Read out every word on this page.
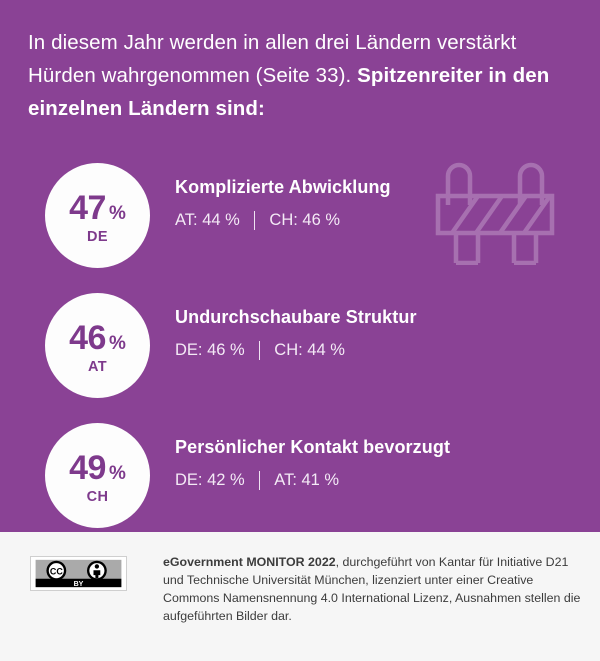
In diesem Jahr werden in allen drei Ländern verstärkt Hürden wahrgenommen (Seite 33). Spitzenreiter in den einzelnen Ländern sind:
47 %
DE
Komplizierte Abwicklung
AT: 44 % CH: 46 %
46 %
AT
Undurchschaubare Struktur
DE: 46 % CH: 44 %
49 %
CH
Persönlicher Kontakt bevorzugt
DE: 42 % AT: 41 %
CC
BY
eGovernment MONITOR 2022, durchgeführt von Kantar für Initiative D21 und Technische Universität München, lizenziert unter einer Creative Commons Namensnennung 4.0 International Lizenz, Ausnahmen stellen die aufgeführten Bilder dar.
